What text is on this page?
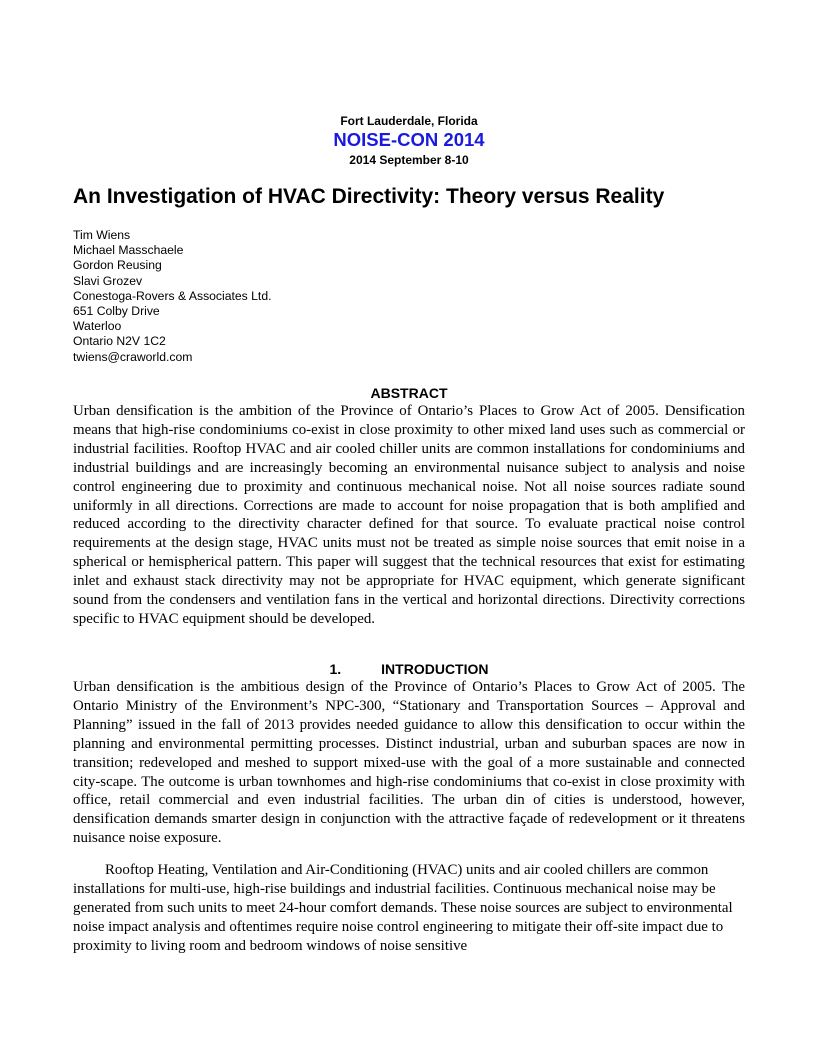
Fort Lauderdale, Florida
NOISE-CON 2014
2014 September 8-10
An Investigation of HVAC Directivity: Theory versus Reality
Tim Wiens
Michael Masschaele
Gordon Reusing
Slavi Grozev
Conestoga-Rovers & Associates Ltd.
651 Colby Drive
Waterloo
Ontario N2V 1C2
twiens@craworld.com
ABSTRACT

Urban densification is the ambition of the Province of Ontario’s Places to Grow Act of 2005. Densification means that high-rise condominiums co-exist in close proximity to other mixed land uses such as commercial or industrial facilities. Rooftop HVAC and air cooled chiller units are common installations for condominiums and industrial buildings and are increasingly becoming an environmental nuisance subject to analysis and noise control engineering due to proximity and continuous mechanical noise. Not all noise sources radiate sound uniformly in all directions. Corrections are made to account for noise propagation that is both amplified and reduced according to the directivity character defined for that source. To evaluate practical noise control requirements at the design stage, HVAC units must not be treated as simple noise sources that emit noise in a spherical or hemispherical pattern. This paper will suggest that the technical resources that exist for estimating inlet and exhaust stack directivity may not be appropriate for HVAC equipment, which generate significant sound from the condensers and ventilation fans in the vertical and horizontal directions. Directivity corrections specific to HVAC equipment should be developed.

1.	INTRODUCTION

Urban densification is the ambitious design of the Province of Ontario’s Places to Grow Act of 2005. The Ontario Ministry of the Environment’s NPC-300, “Stationary and Transportation Sources – Approval and Planning” issued in the fall of 2013 provides needed guidance to allow this densification to occur within the planning and environmental permitting processes. Distinct industrial, urban and suburban spaces are now in transition; redeveloped and meshed to support mixed-use with the goal of a more sustainable and connected city-scape. The outcome is urban townhomes and high-rise condominiums that co-exist in close proximity with office, retail commercial and even industrial facilities. The urban din of cities is understood, however, densification demands smarter design in conjunction with the attractive façade of redevelopment or it threatens nuisance noise exposure.

Rooftop Heating, Ventilation and Air-Conditioning (HVAC) units and air cooled chillers are common installations for multi-use, high-rise buildings and industrial facilities. Continuous mechanical noise may be generated from such units to meet 24-hour comfort demands. These noise sources are subject to environmental noise impact analysis and oftentimes require noise control engineering to mitigate their off-site impact due to proximity to living room and bedroom windows of noise sensitive
